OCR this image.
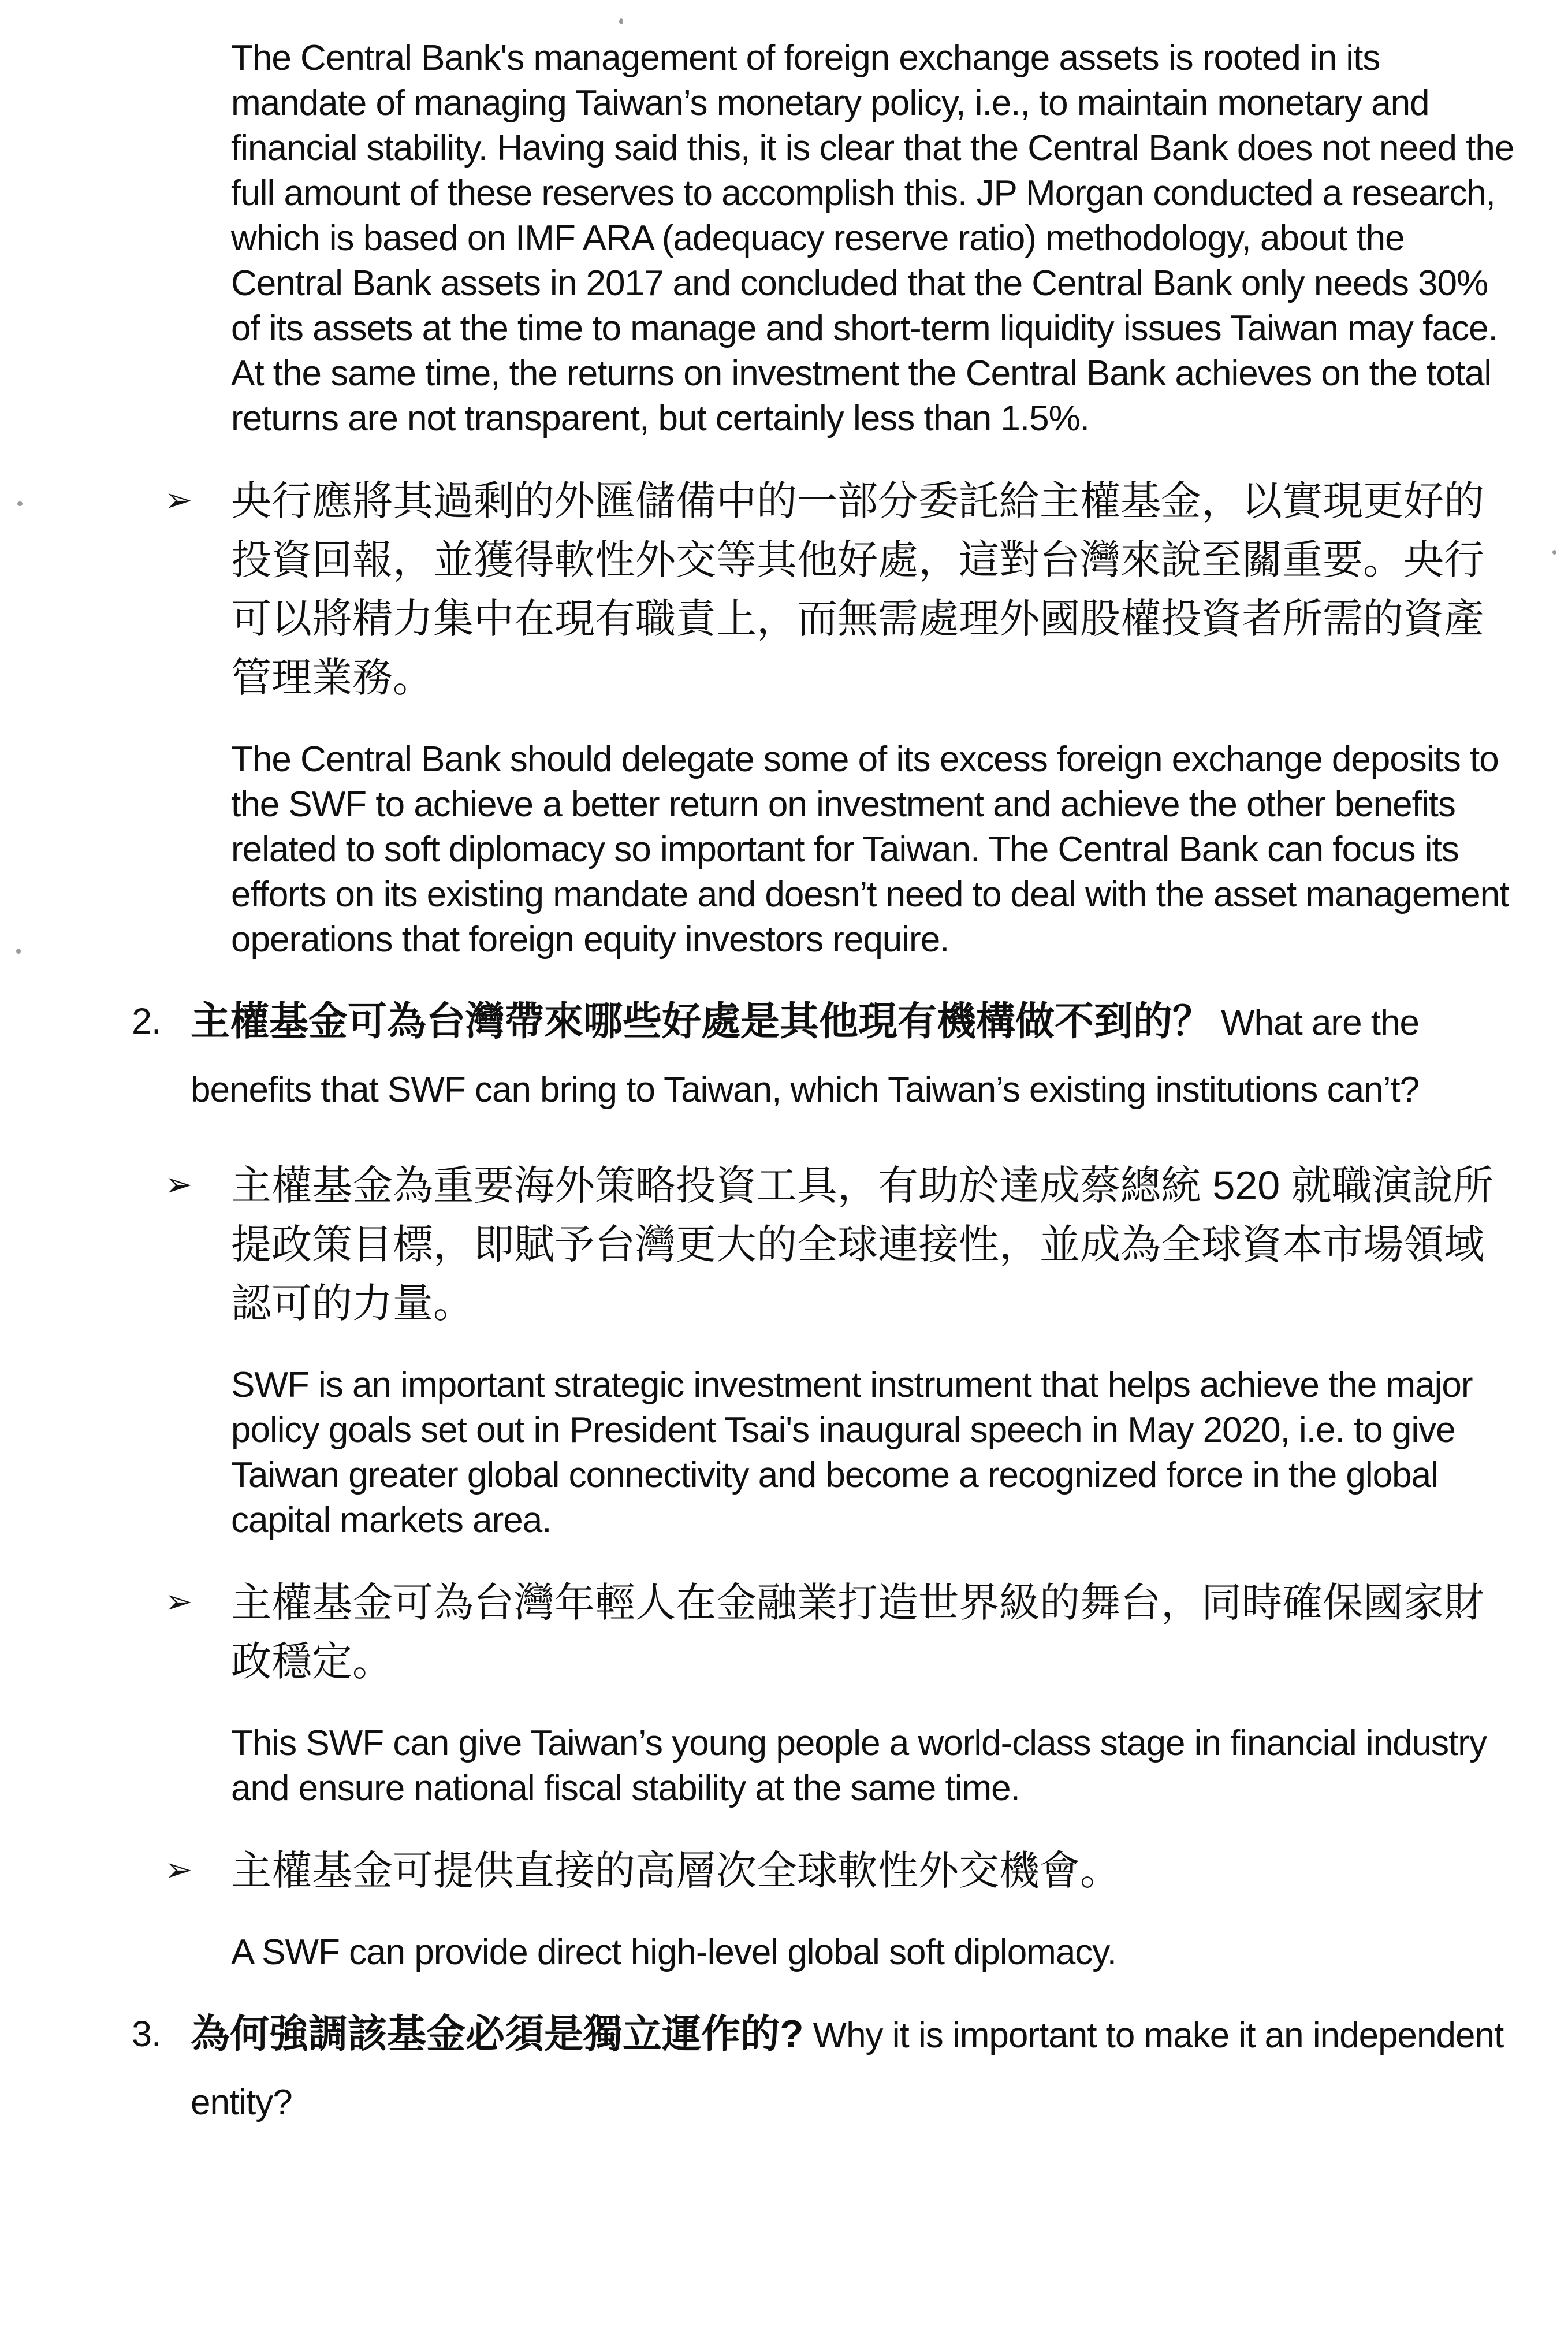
The Central Bank's management of foreign exchange assets is rooted in its mandate of managing Taiwan’s monetary policy, i.e., to maintain monetary and financial stability. Having said this, it is clear that the Central Bank does not need the full amount of these reserves to accomplish this. JP Morgan conducted a research, which is based on IMF ARA (adequacy reserve ratio) methodology, about the Central Bank assets in 2017 and concluded that the Central Bank only needs 30% of its assets at the time to manage and short-term liquidity issues Taiwan may face. At the same time, the returns on investment the Central Bank achieves on the total returns are not transparent, but certainly less than 1.5%.

➢ 央行應將其過剩的外匯儲備中的一部分委託給主權基金，以實現更好的投資回報，並獲得軟性外交等其他好處，這對台灣來說至關重要。央行可以將精力集中在現有職責上，而無需處理外國股權投資者所需的資產管理業務。

The Central Bank should delegate some of its excess foreign exchange deposits to the SWF to achieve a better return on investment and achieve the other benefits related to soft diplomacy so important for Taiwan. The Central Bank can focus its efforts on its existing mandate and doesn’t need to deal with the asset management operations that foreign equity investors require.

2. 主權基金可為台灣帶來哪些好處是其他現有機構做不到的？ What are the benefits that SWF can bring to Taiwan, which Taiwan’s existing institutions can’t?

➢ 主權基金為重要海外策略投資工具，有助於達成蔡總統 520 就職演說所提政策目標，即賦予台灣更大的全球連接性，並成為全球資本市場領域認可的力量。

SWF is an important strategic investment instrument that helps achieve the major policy goals set out in President Tsai's inaugural speech in May 2020, i.e. to give Taiwan greater global connectivity and become a recognized force in the global capital markets area.

➢ 主權基金可為台灣年輕人在金融業打造世界級的舞台，同時確保國家財政穩定。

This SWF can give Taiwan’s young people a world-class stage in financial industry and ensure national fiscal stability at the same time.

➢ 主權基金可提供直接的高層次全球軟性外交機會。

A SWF can provide direct high-level global soft diplomacy.

3. 為何強調該基金必須是獨立運作的? Why it is important to make it an independent entity?
